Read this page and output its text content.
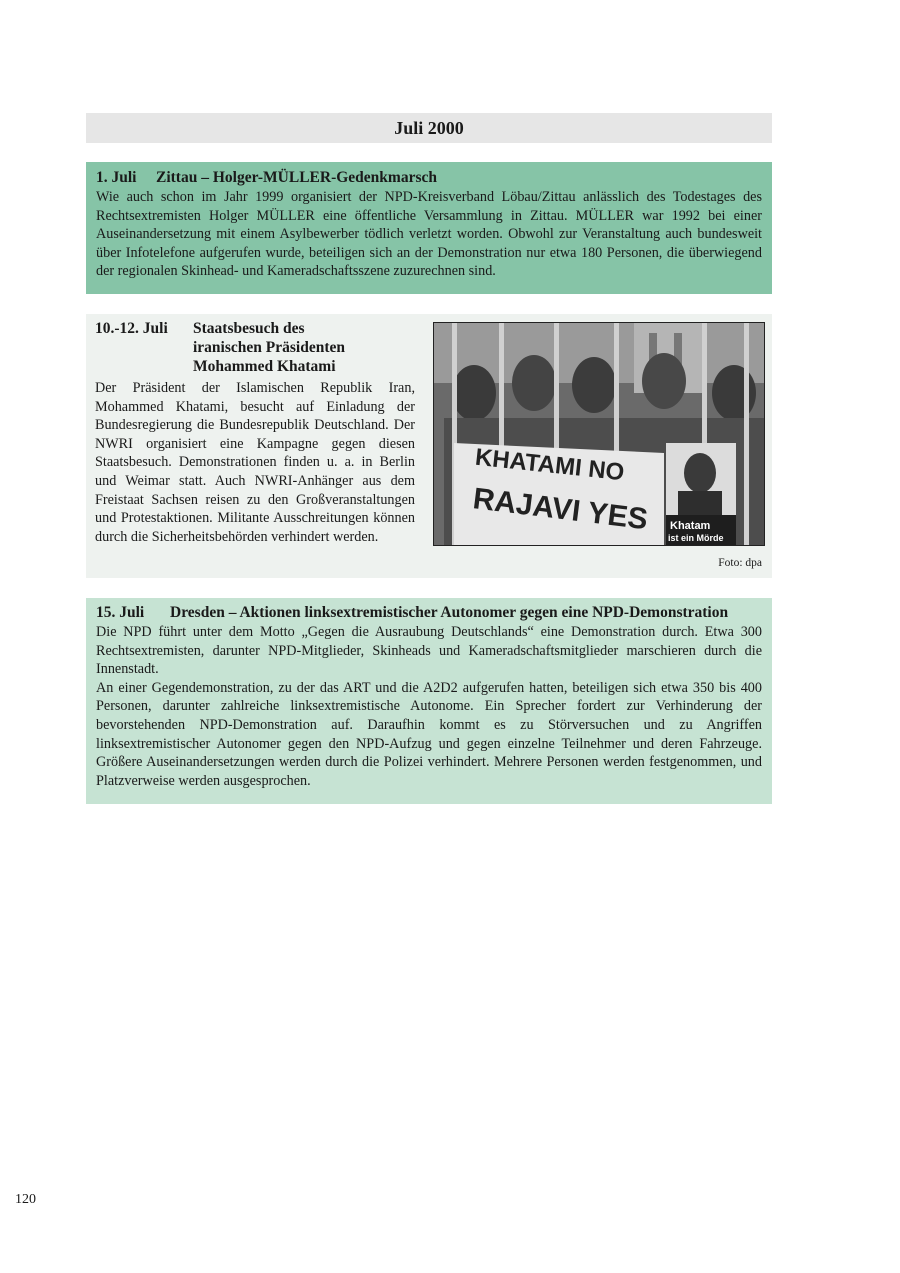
Juli 2000
1. Juli Zittau – Holger-MÜLLER-Gedenkmarsch

Wie auch schon im Jahr 1999 organisiert der NPD-Kreisverband Löbau/Zittau anlässlich des Todestages des Rechtsextremisten Holger MÜLLER eine öffentliche Versammlung in Zittau. MÜLLER war 1992 bei einer Auseinandersetzung mit einem Asylbewerber tödlich verletzt worden. Obwohl zur Veranstaltung auch bundesweit über Infotelefone aufgerufen wurde, beteiligen sich an der Demonstration nur etwa 180 Personen, die überwiegend der regionalen Skinhead- und Kameradschaftsszene zuzurechnen sind.

10.-12. Juli	Staatsbesuch des iranischen Präsidenten Mohammed Khatami

Der Präsident der Islamischen Republik Iran, Mohammed Khatami, besucht auf Einladung der Bundesregierung die Bundesrepublik Deutschland. Der NWRI organisiert eine Kampagne gegen diesen Staatsbesuch. Demonstrationen finden u. a. in Berlin und Weimar statt. Auch NWRI-Anhänger aus dem Freistaat Sachsen reisen zu den Großveranstaltungen und Protestaktionen. Militante Ausschreitungen können durch die Sicherheitsbehörden verhindert werden.

KHATAMI NO
RAJAVI YES Khatam
ist ein Mörde
Foto: dpa
15. Juli Dresden – Aktionen linksextremistischer Autonomer gegen eine NPD-Demonstration

Die NPD führt unter dem Motto „Gegen die Ausraubung Deutschlands“ eine Demonstration durch. Etwa 300 Rechtsextremisten, darunter NPD-Mitglieder, Skinheads und Kameradschaftsmitglieder marschieren durch die Innenstadt.

An einer Gegendemonstration, zu der das ART und die A2D2 aufgerufen hatten, beteiligen sich etwa 350 bis 400 Personen, darunter zahlreiche linksextremistische Autonome. Ein Sprecher fordert zur Verhinderung der bevorstehenden NPD-Demonstration auf. Daraufhin kommt es zu Störversuchen und zu Angriffen linksextremistischer Autonomer gegen den NPD-Aufzug und gegen einzelne Teilnehmer und deren Fahrzeuge. Größere Auseinandersetzungen werden durch die Polizei verhindert. Mehrere Personen werden festgenommen, und Platzverweise werden ausgesprochen.

120
